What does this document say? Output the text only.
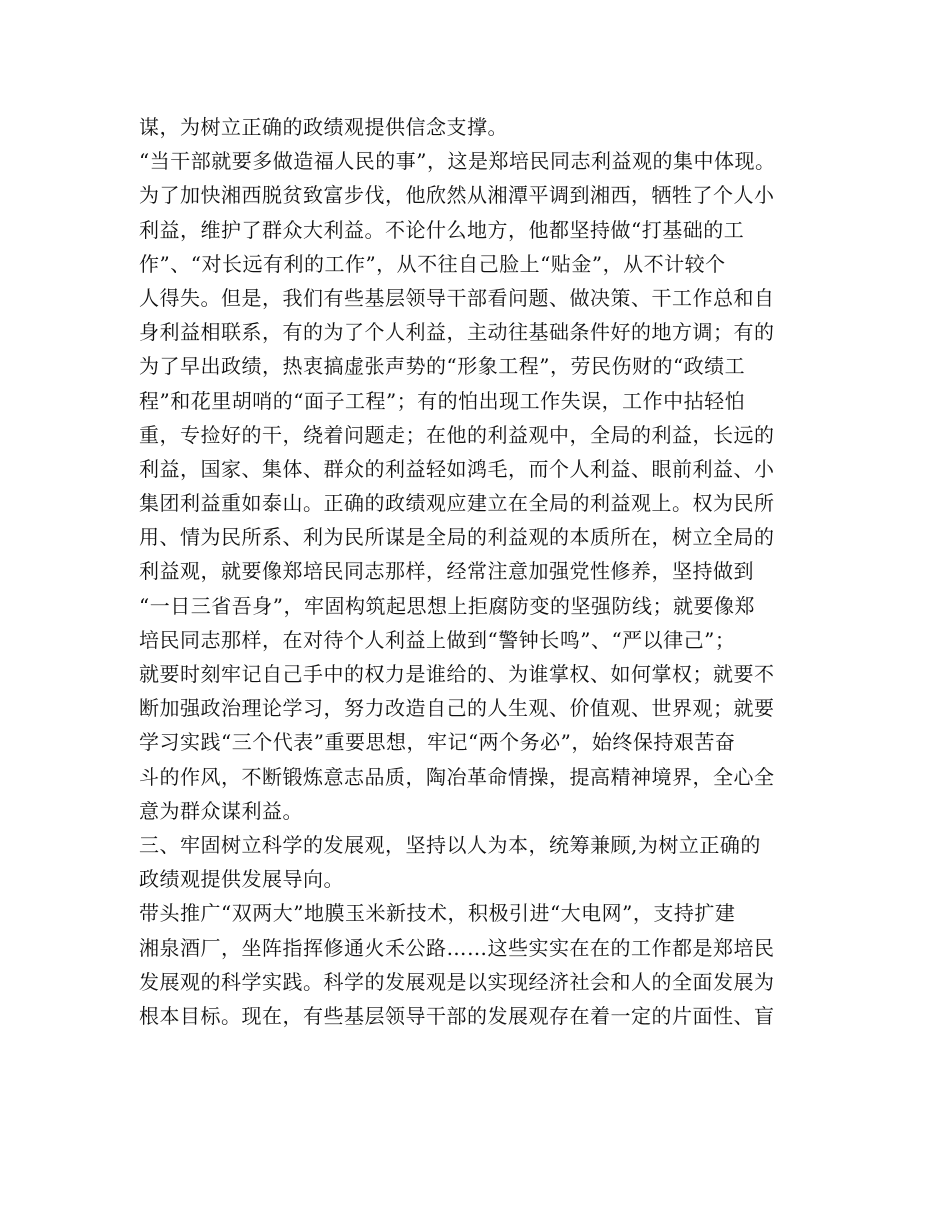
谋，为树立正确的政绩观提供信念支撑。
“当干部就要多做造福人民的事”，这是郑培民同志利益观的集中体现。
为了加快湘西脱贫致富步伐，他欣然从湘潭平调到湘西，牺牲了个人小
利益，维护了群众大利益。不论什么地方，他都坚持做“打基础的工
作”、“对长远有利的工作”，从不往自己脸上“贴金”，从不计较个
人得失。但是，我们有些基层领导干部看问题、做决策、干工作总和自
身利益相联系，有的为了个人利益，主动往基础条件好的地方调；有的
为了早出政绩，热衷搞虚张声势的“形象工程”，劳民伤财的“政绩工
程”和花里胡哨的“面子工程”；有的怕出现工作失误，工作中拈轻怕
重，专捡好的干，绕着问题走；在他的利益观中，全局的利益，长远的
利益，国家、集体、群众的利益轻如鸿毛，而个人利益、眼前利益、小
集团利益重如泰山。正确的政绩观应建立在全局的利益观上。权为民所
用、情为民所系、利为民所谋是全局的利益观的本质所在，树立全局的
利益观，就要像郑培民同志那样，经常注意加强党性修养，坚持做到
“一日三省吾身”，牢固构筑起思想上拒腐防变的坚强防线；就要像郑
培民同志那样，在对待个人利益上做到“警钟长鸣”、“严以律己”；
就要时刻牢记自己手中的权力是谁给的、为谁掌权、如何掌权；就要不
断加强政治理论学习，努力改造自己的人生观、价值观、世界观；就要
学习实践“三个代表”重要思想，牢记“两个务必”，始终保持艰苦奋
斗的作风，不断锻炼意志品质，陶冶革命情操，提高精神境界，全心全
意为群众谋利益。
三、牢固树立科学的发展观，坚持以人为本，统筹兼顾,为树立正确的
政绩观提供发展导向。
带头推广“双两大”地膜玉米新技术，积极引进“大电网”，支持扩建
湘泉酒厂，坐阵指挥修通火禾公路……这些实实在在的工作都是郑培民
发展观的科学实践。科学的发展观是以实现经济社会和人的全面发展为
根本目标。现在，有些基层领导干部的发展观存在着一定的片面性、盲
